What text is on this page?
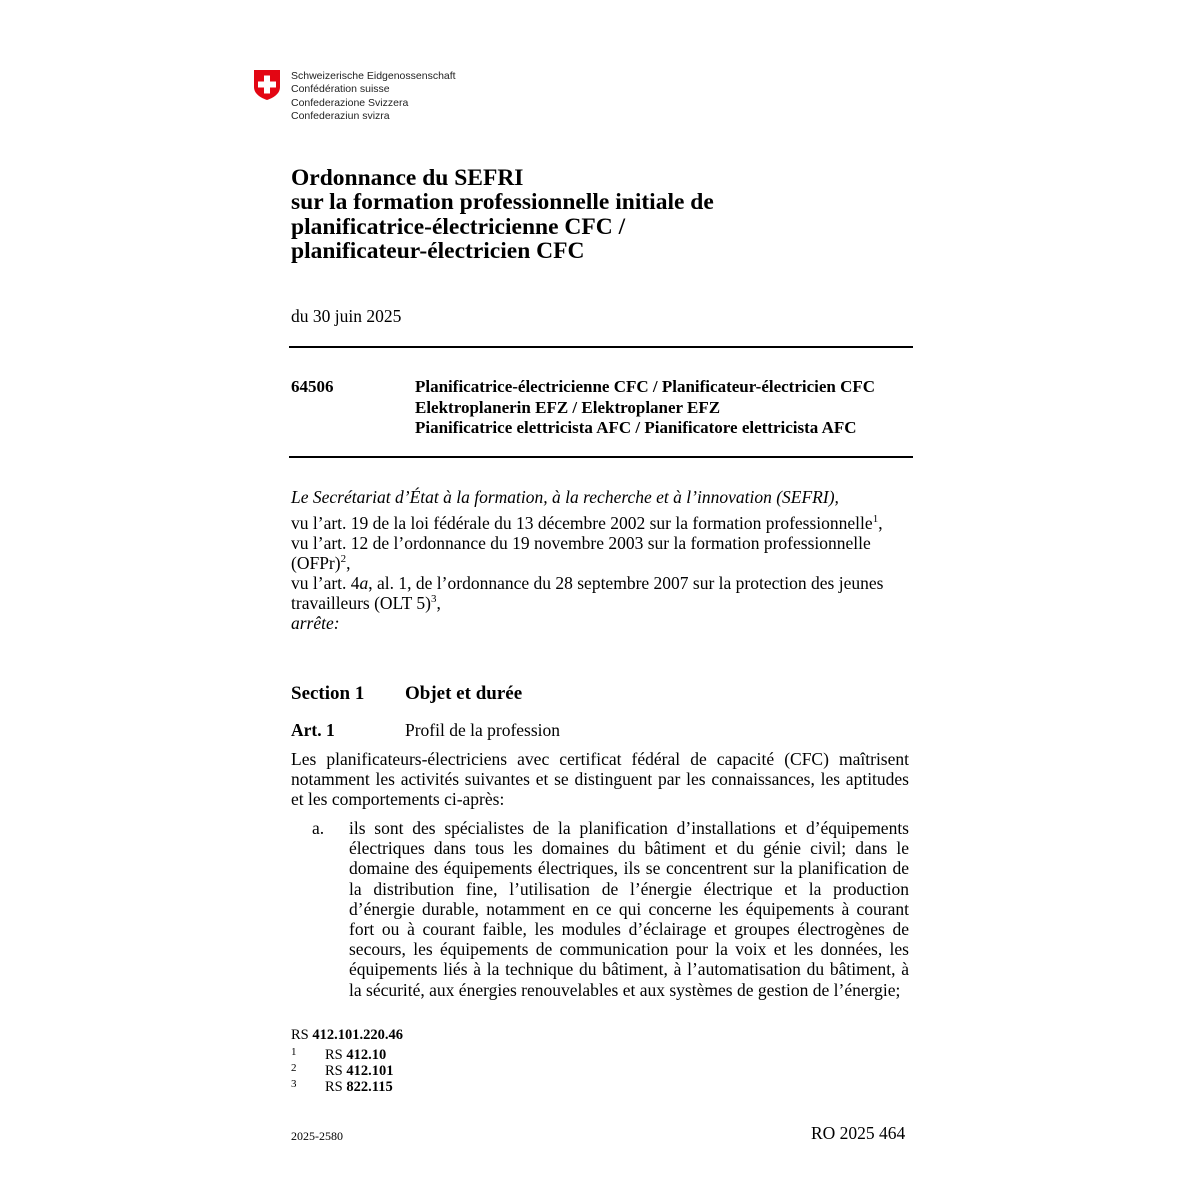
Schweizerische Eidgenossenschaft
Confédération suisse
Confederazione Svizzera
Confederaziun svizra
Ordonnance du SEFRI
sur la formation professionnelle initiale de
planificatrice-électricienne CFC /
planificateur-électricien CFC
du 30 juin 2025
64506	Planificatrice-électricienne CFC / Planificateur-électricien CFC
Elektroplanerin EFZ / Elektroplaner EFZ
Pianificatrice elettricista AFC / Pianificatore elettricista AFC
Le Secrétariat d’État à la formation, à la recherche et à l’innovation (SEFRI),
vu l’art. 19 de la loi fédérale du 13 décembre 2002 sur la formation professionnelle$^1$,
vu l’art. 12 de l’ordonnance du 19 novembre 2003 sur la formation professionnelle
(OFPr)$^2$,
vu l’art. 4a, al. 1, de l’ordonnance du 28 septembre 2007 sur la protection des jeunes
travailleurs (OLT 5)$^3$,
arrête:
Section 1 Objet et durée
Art. 1	Profil de la profession
Les planificateurs-électriciens avec certificat fédéral de capacité (CFC) maîtrisent notamment les activités suivantes et se distinguent par les connaissances, les aptitudes et les comportements ci-après:
a. ils sont des spécialistes de la planification d’installations et d’équipements électriques dans tous les domaines du bâtiment et du génie civil; dans le domaine des équipements électriques, ils se concentrent sur la planification de la distribution fine, l’utilisation de l’énergie électrique et la production d’énergie durable, notamment en ce qui concerne les équipements à courant fort ou à courant faible, les modules d’éclairage et groupes électrogènes de secours, les équipements de communication pour la voix et les données, les équipements liés à la technique du bâtiment, à l’automatisation du bâtiment, à la sécurité, aux énergies renouvelables et aux systèmes de gestion de l’énergie;
RS 412.101.220.46
1 RS 412.10
2 RS 412.101
3 RS 822.115
2025-2580	RO 2025 464
